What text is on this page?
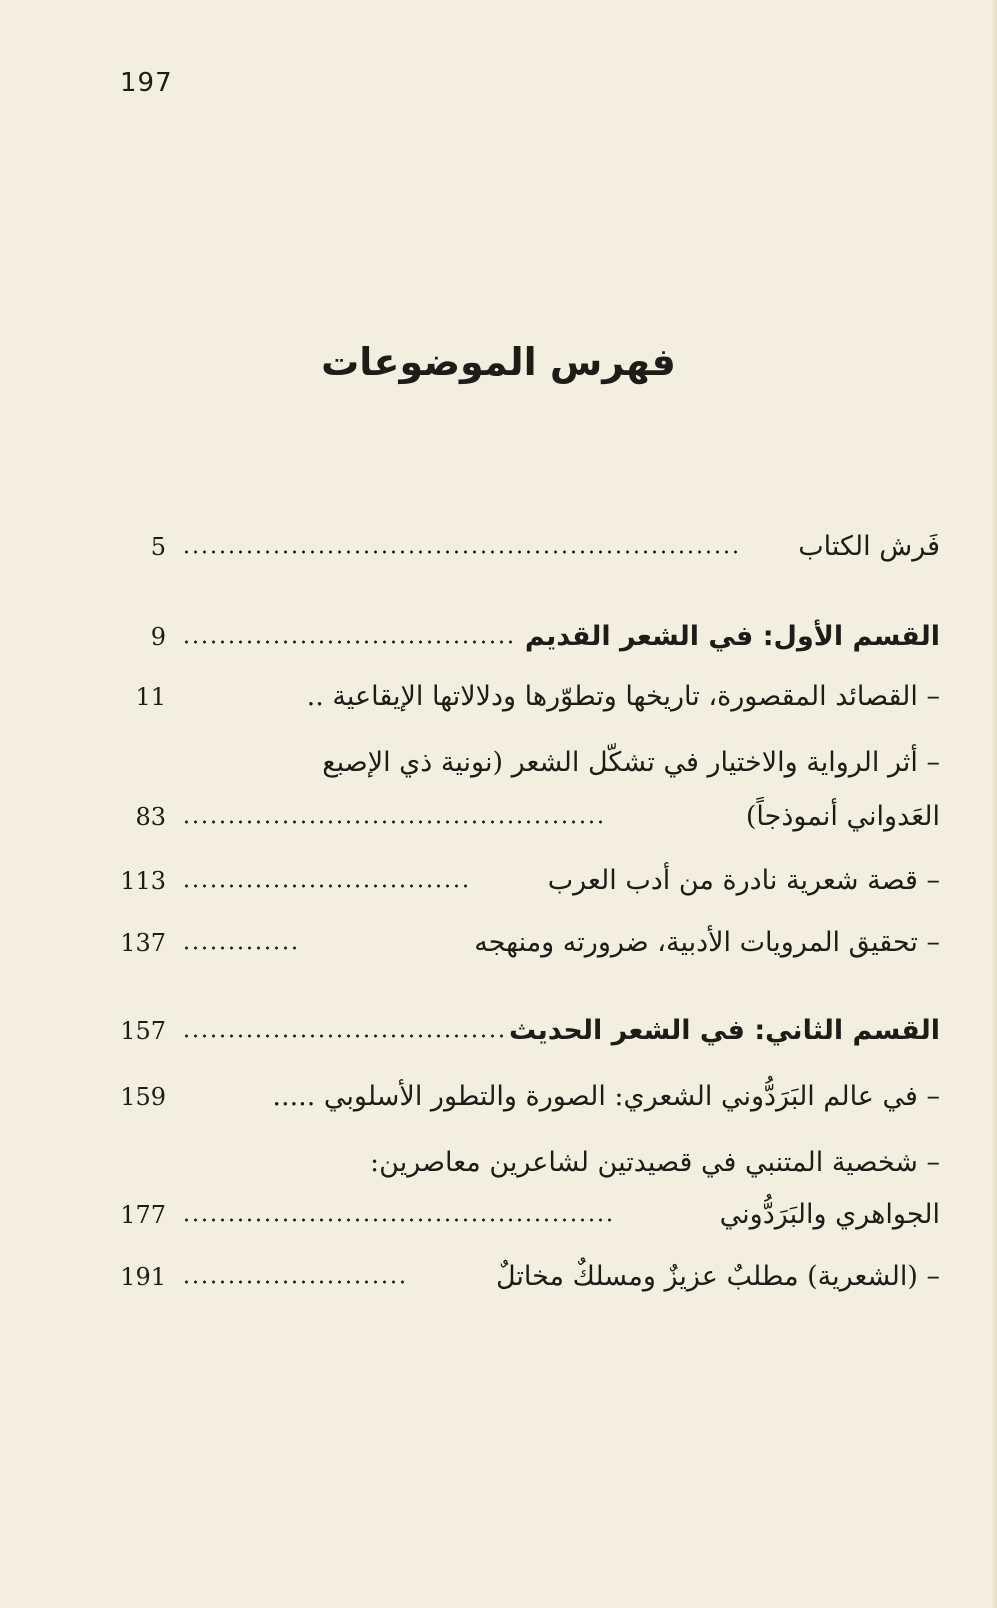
197
فهرس الموضوعات
فَرش الكتاب
5
القسم الأول: في الشعر القديم
9
– القصائد المقصورة، تاريخها وتطوّرها ودلالاتها الإيقاعية ..
11
– أثر الرواية والاختيار في تشكّل الشعر (نونية ذي الإصبع
العَدواني أنموذجاً)
83
– قصة شعرية نادرة من أدب العرب
113
– تحقيق المرويات الأدبية، ضرورته ومنهجه
137
القسم الثاني: في الشعر الحديث
157
– في عالم البَرَدُّوني الشعري: الصورة والتطور الأسلوبي .....
159
– شخصية المتنبي في قصيدتين لشاعرين معاصرين:
الجواهري والبَرَدُّوني
177
– (الشعرية) مطلبٌ عزيزٌ ومسلكٌ مخاتلٌ
191
